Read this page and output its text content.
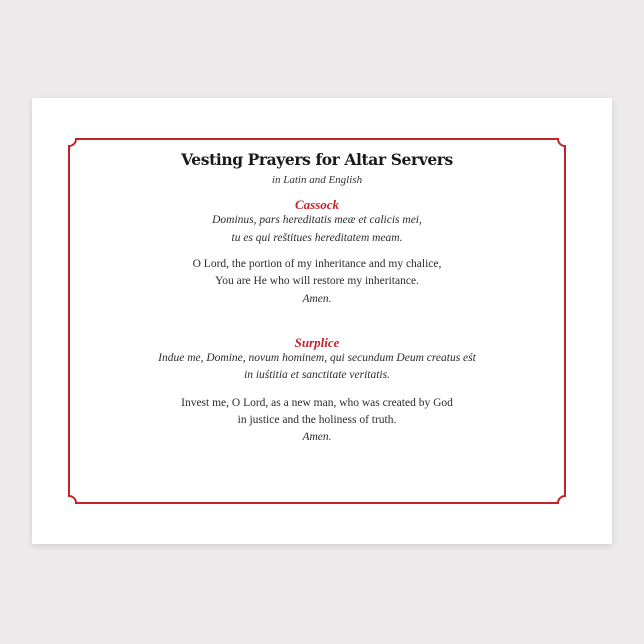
Vesting Prayers for Altar Servers
in Latin and English
Cassock
Dominus, pars hereditatis meæ et calicis mei,
tu es qui reštitues hereditatem meam.
O Lord, the portion of my inheritance and my chalice,
You are He who will restore my inheritance.
Amen.
Surplice
Indue me, Domine, novum hominem, qui secundum Deum creatus eśt
in iuśtitia et sanctitate veritatis.
Invest me, O Lord, as a new man, who was created by God
in justice and the holiness of truth.
Amen.
